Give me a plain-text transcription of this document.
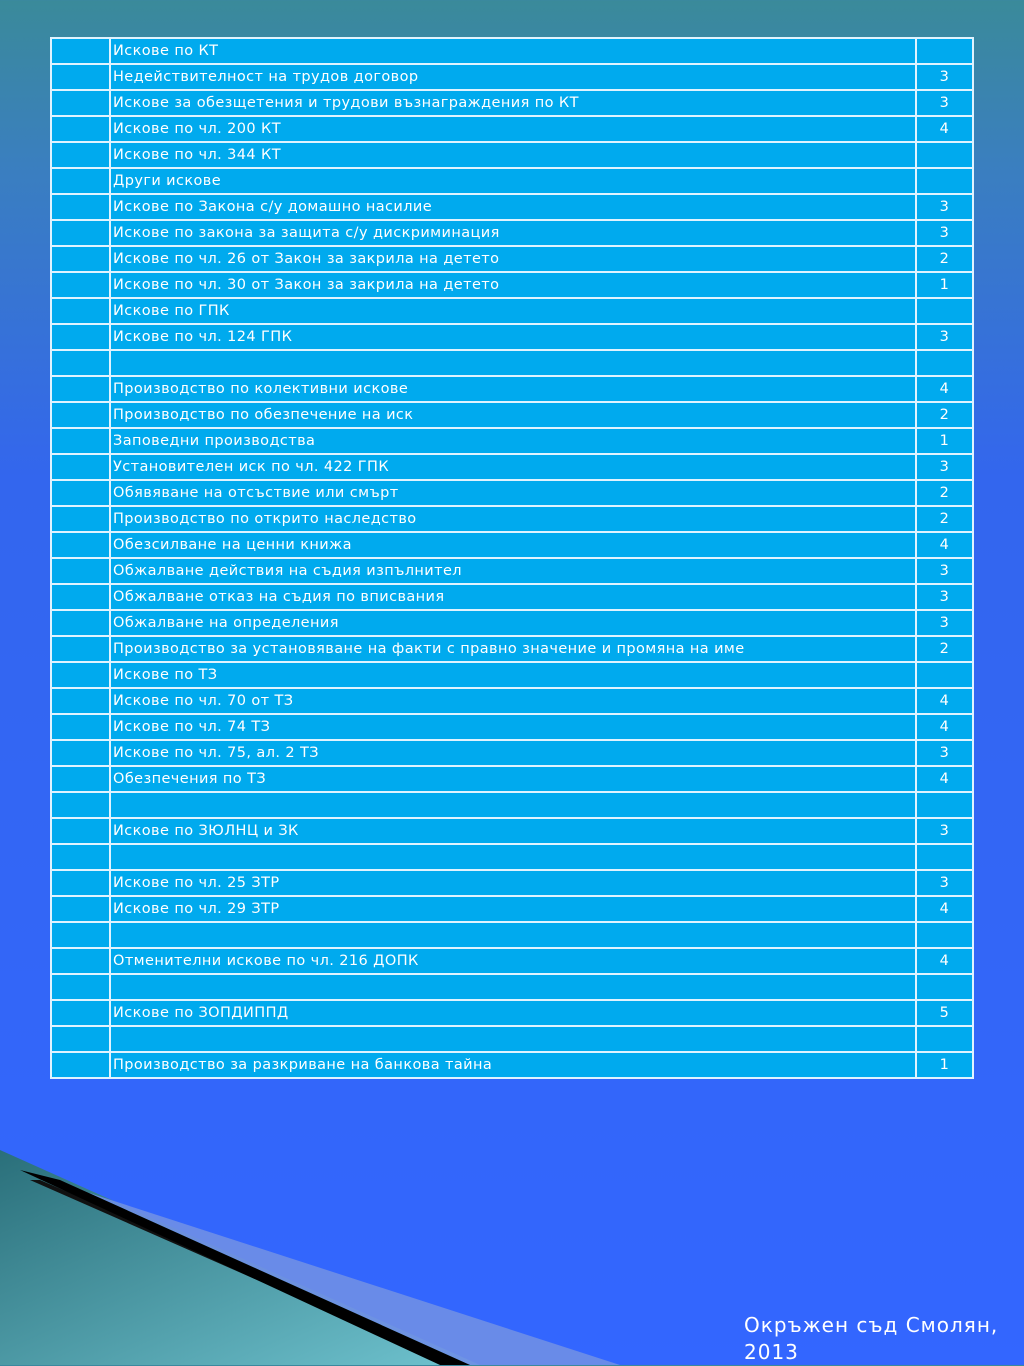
	Искове по КТ	
	Недействителност на трудов договор	3
	Искове за обезщетения и трудови възнаграждения по КТ	3
	Искове по чл. 200 КТ	4
	Искове по чл. 344 КТ	
	Други искове	
	Искове по Закона с/у домашно насилие	3
	Искове по закона за защита с/у дискриминация	3
	Искове по чл. 26 от Закон за закрила на детето	2
	Искове по чл. 30 от Закон за закрила на детето	1
	Искове по ГПК	
	Искове по чл. 124 ГПК	3

	Производство по колективни искове	4
	Производство по обезпечение на иск	2
	Заповедни производства	1
	Установителен иск по чл. 422 ГПК	3
	Обявяване на отсъствие или смърт	2
	Производство по открито наследство	2
	Обезсилване на ценни книжа	4
	Обжалване действия на съдия изпълнител	3
	Обжалване отказ на съдия по вписвания	3
	Обжалване на определения	3
	Производство за установяване на факти с правно значение и промяна на име	2
	Искове по ТЗ	
	Искове по чл. 70 от ТЗ	4
	Искове по чл. 74 ТЗ	4
	Искове по чл. 75, ал. 2 ТЗ	3
	Обезпечения по ТЗ	4

	Искове по ЗЮЛНЦ и ЗК	3

	Искове по чл. 25 ЗТР	3
	Искове по чл. 29 ЗТР	4

	Отменителни искове по чл. 216 ДОПК	4

	Искове по ЗОПДИППД	5

	Производство за разкриване на банкова тайна	1
Окръжен съд Смолян,
2013
